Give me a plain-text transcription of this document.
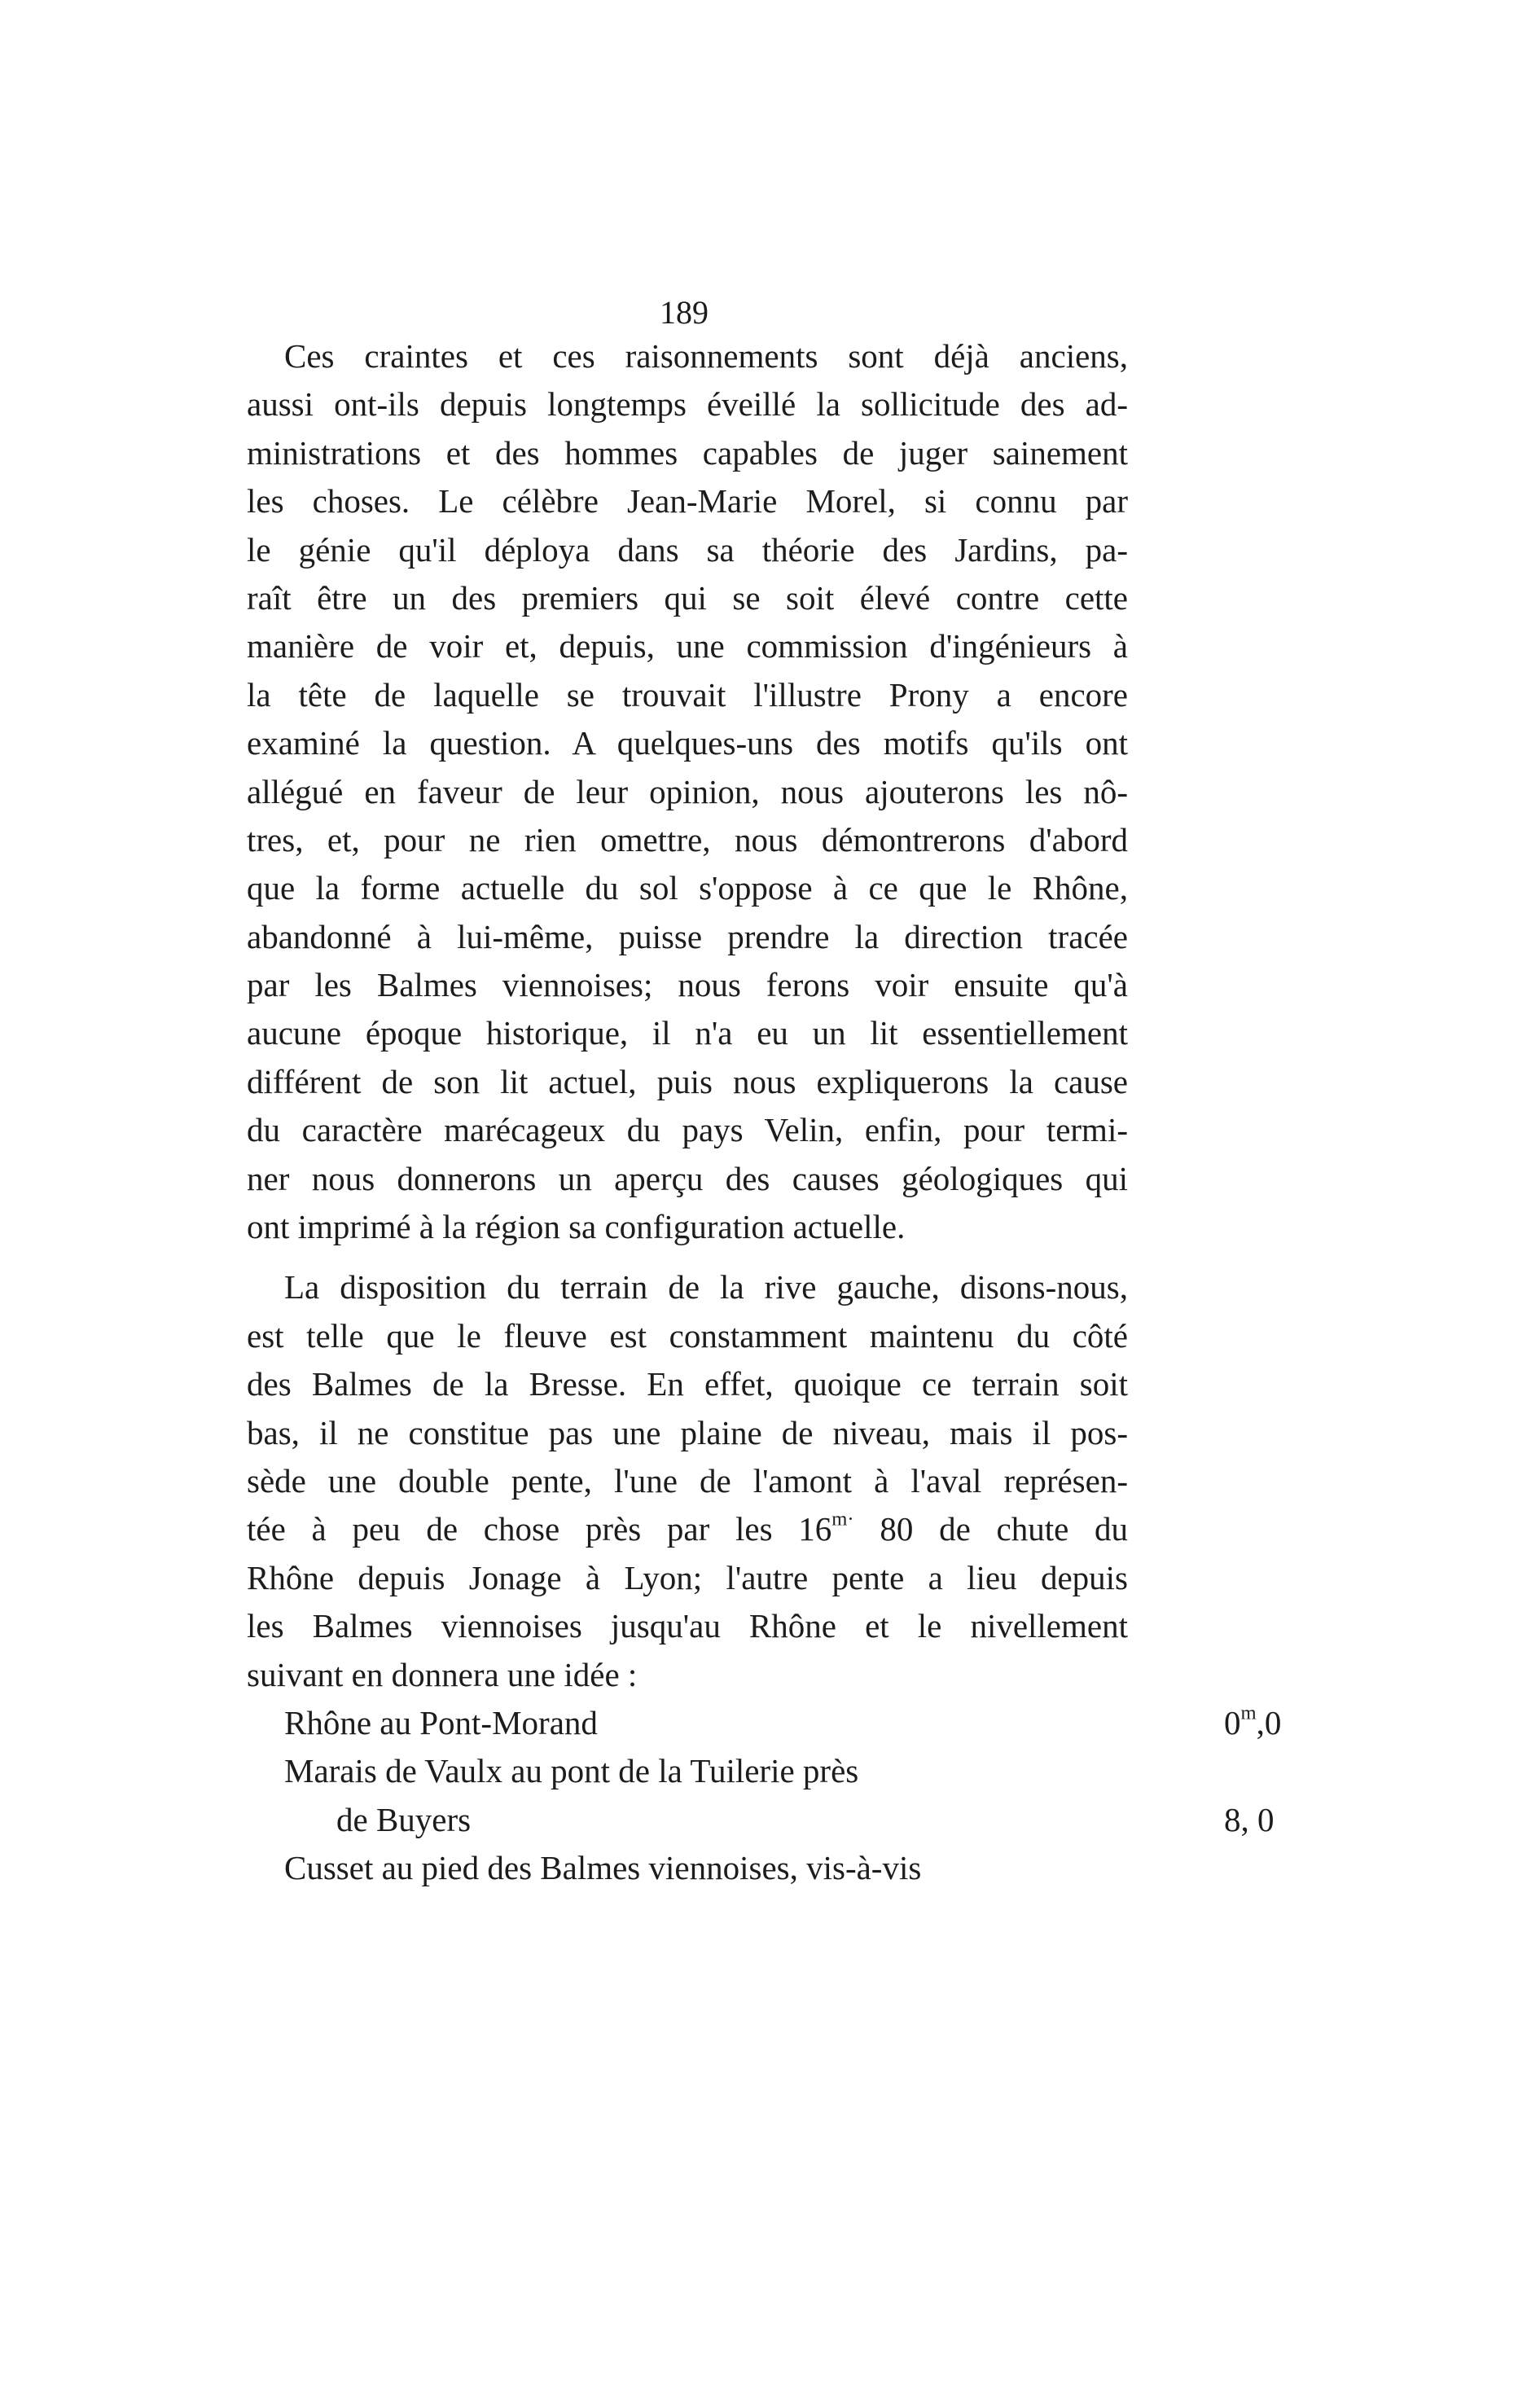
189
Ces craintes et ces raisonnements sont déjà anciens,
aussi ont-ils depuis longtemps éveillé la sollicitude des ad-
ministrations et des hommes capables de juger sainement
les choses. Le célèbre Jean-Marie Morel, si connu par
le génie qu'il déploya dans sa théorie des Jardins, pa-
raît être un des premiers qui se soit élevé contre cette
manière de voir et, depuis, une commission d'ingénieurs à
la tête de laquelle se trouvait l'illustre Prony a encore
examiné la question. A quelques-uns des motifs qu'ils ont
allégué en faveur de leur opinion, nous ajouterons les nô-
tres, et, pour ne rien omettre, nous démontrerons d'abord
que la forme actuelle du sol s'oppose à ce que le Rhône,
abandonné à lui-même, puisse prendre la direction tracée
par les Balmes viennoises; nous ferons voir ensuite qu'à
aucune époque historique, il n'a eu un lit essentiellement
différent de son lit actuel, puis nous expliquerons la cause
du caractère marécageux du pays Velin, enfin, pour termi-
ner nous donnerons un aperçu des causes géologiques qui
ont imprimé à la région sa configuration actuelle.
La disposition du terrain de la rive gauche, disons-nous,
est telle que le fleuve est constamment maintenu du côté
des Balmes de la Bresse. En effet, quoique ce terrain soit
bas, il ne constitue pas une plaine de niveau, mais il pos-
sède une double pente, l'une de l'amont à l'aval représen-
tée à peu de chose près par les $16^{m\cdot}$ 80 de chute du
Rhône depuis Jonage à Lyon; l'autre pente a lieu depuis
les Balmes viennoises jusqu'au Rhône et le nivellement
suivant en donnera une idée :
Rhône au Pont-Morand	0$^m$,0
Marais de Vaulx au pont de la Tuilerie près
de Buyers	8, 0
Cusset au pied des Balmes viennoises, vis-à-vis
